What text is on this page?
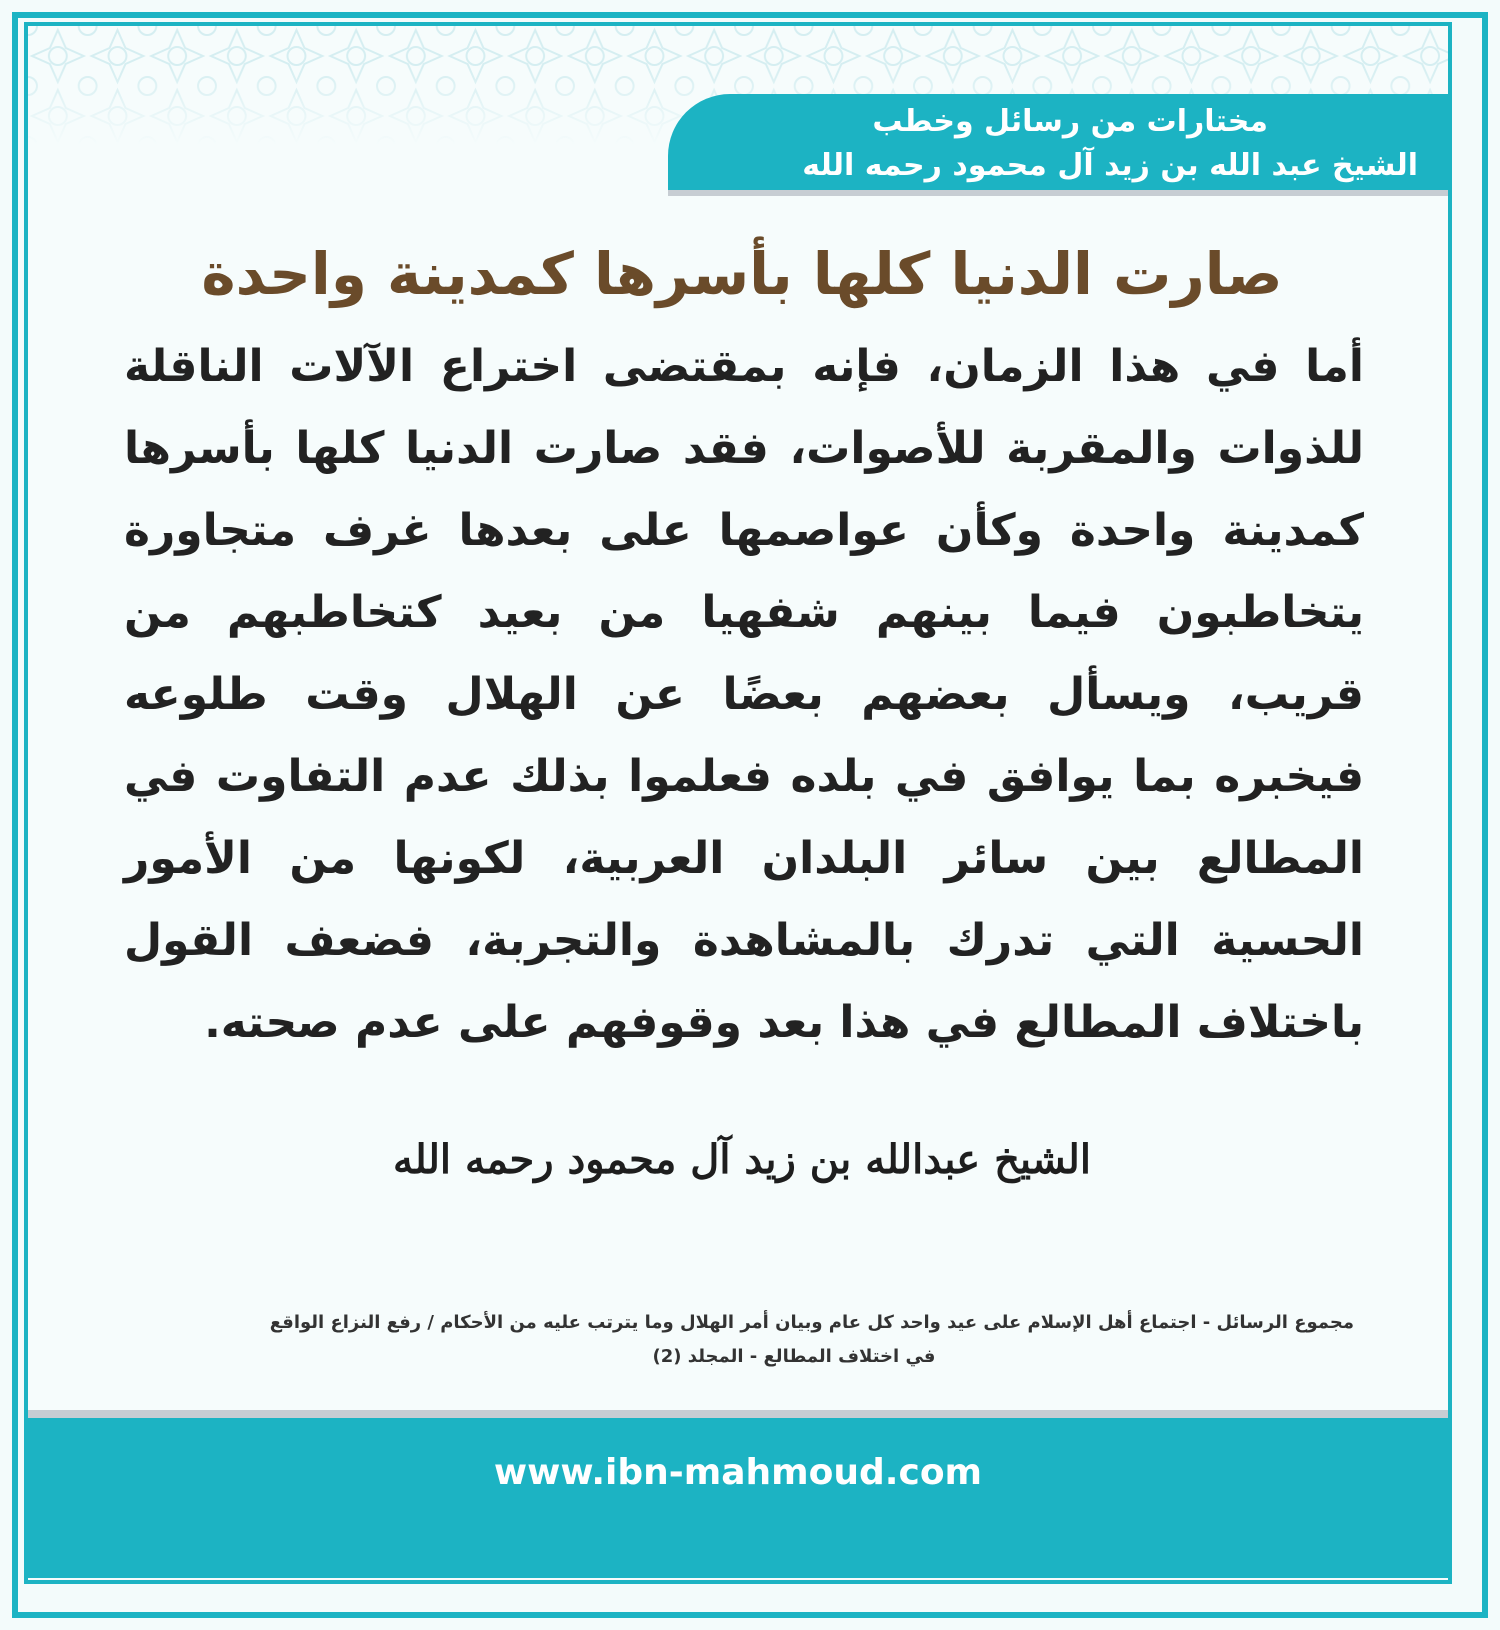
مختارات من رسائل وخطب
الشيخ عبد الله بن زيد آل محمود رحمه الله
صارت الدنيا كلها بأسرها كمدينة واحدة
أما في هذا الزمان، فإنه بمقتضى اختراع الآلات الناقلة للذوات والمقربة للأصوات، فقد صارت الدنيا كلها بأسرها كمدينة واحدة وكأن عواصمها على بعدها غرف متجاورة يتخاطبون فيما بينهم شفهيا من بعيد كتخاطبهم من قريب، ويسأل بعضهم بعضًا عن الهلال وقت طلوعه فيخبره بما يوافق في بلده فعلموا بذلك عدم التفاوت في المطالع بين سائر البلدان العربية، لكونها من الأمور الحسية التي تدرك بالمشاهدة والتجربة، فضعف القول باختلاف المطالع في هذا بعد وقوفهم على عدم صحته.
الشيخ عبدالله بن زيد آل محمود رحمه الله
مجموع الرسائل - اجتماع أهل الإسلام على عيد واحد كل عام وبيان أمر الهلال وما يترتب عليه من الأحكام / رفع النزاع الواقع
في اختلاف المطالع - المجلد (2)
www.ibn-mahmoud.com
